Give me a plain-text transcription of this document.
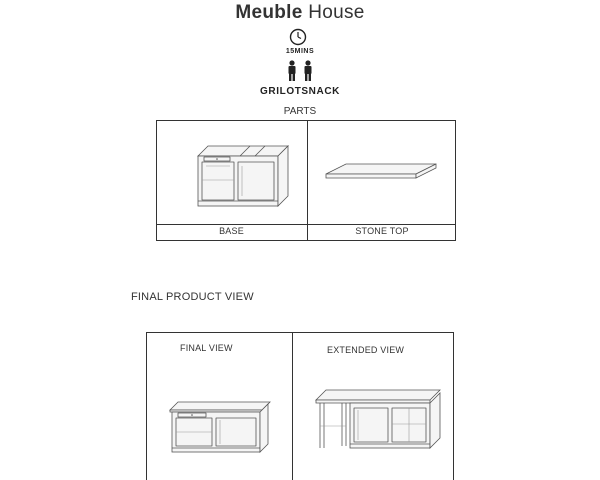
Meuble House
15MINS
GRILOTSNACK
PARTS
BASE	STONE TOP
FINAL PRODUCT VIEW
FINAL VIEW	EXTENDED VIEW
